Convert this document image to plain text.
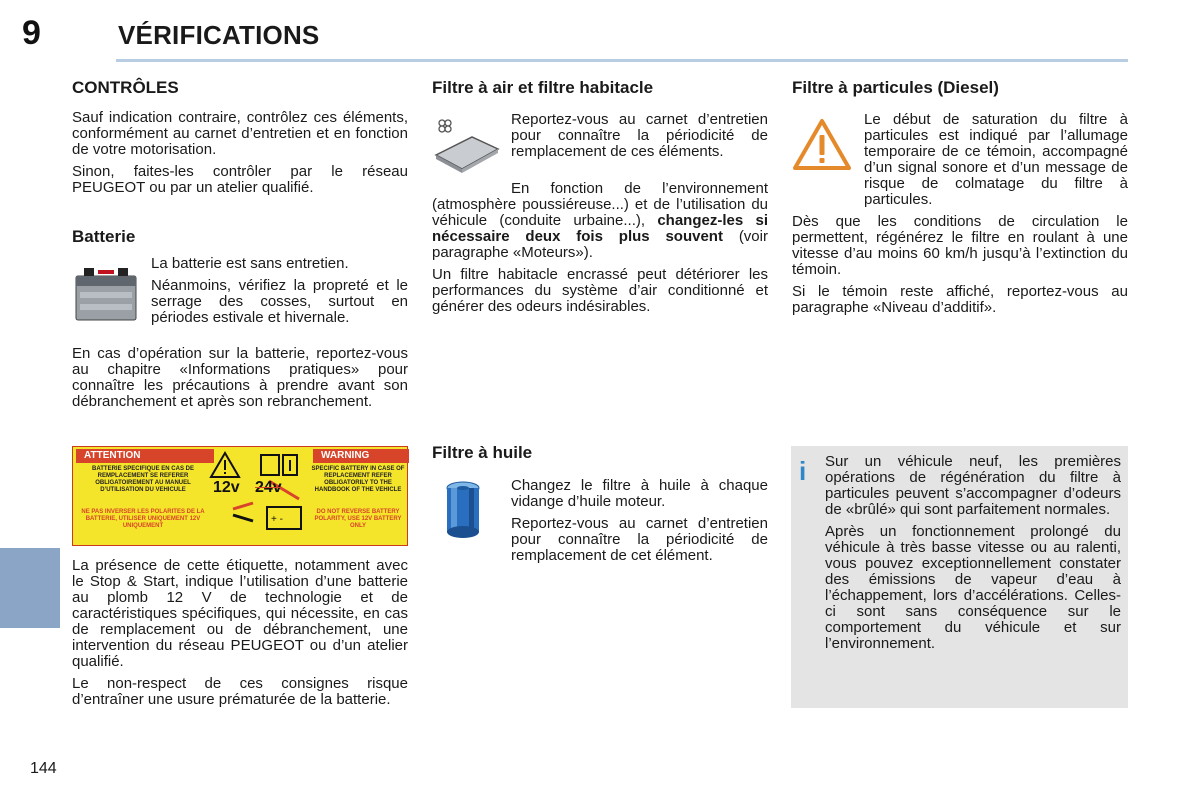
9	VÉRIFICATIONS
144
CONTRÔLES

Sauf indication contraire, contrôlez ces éléments, conformément au carnet d’entretien et en fonction de votre motorisation.

Sinon, faites-les contrôler par le réseau PEUGEOT ou par un atelier qualifié.

Batterie

La batterie est sans entretien.

Néanmoins, vérifiez la propreté et le serrage des cosses, surtout en périodes estivale et hivernale.

En cas d’opération sur la batterie, reportez-vous au chapitre «Informations pratiques» pour connaître les précautions à prendre avant son débranchement et après son rebranchement.

ATTENTION	WARNING
BATTERIE SPECIFIQUE EN CAS DE REMPLACEMENT SE REFERER OBLIGATOIREMENT AU MANUEL D’UTILISATION DU VEHICULE
NE PAS INVERSER LES POLARITES DE LA BATTERIE, UTILISER UNIQUEMENT 12V UNIQUEMENT
SPECIFIC BATTERY IN CASE OF REPLACEMENT REFER OBLIGATORILY TO THE HANDBOOK OF THE VEHICLE
DO NOT REVERSE BATTERY POLARITY, USE 12V BATTERY ONLY
+ -
12v 24v

La présence de cette étiquette, notamment avec le Stop & Start, indique l’utilisation d’une batterie au plomb 12 V de technologie et de caractéristiques spécifiques, qui nécessite, en cas de remplacement ou de débranchement, une intervention du réseau PEUGEOT ou d’un atelier qualifié.

Le non-respect de ces consignes risque d’entraîner une usure prématurée de la batterie.

Filtre à air et filtre habitacle

Reportez-vous au carnet d’entretien pour connaître la périodicité de remplacement de ces éléments.

En fonction de l’environnement (atmosphère poussiéreuse...) et de l’utilisation du véhicule (conduite urbaine...), changez-les si nécessaire deux fois plus souvent (voir paragraphe «Moteurs»).

Un filtre habitacle encrassé peut détériorer les performances du système d’air conditionné et générer des odeurs indésirables.

Filtre à huile

Changez le filtre à huile à chaque vidange d’huile moteur.

Reportez-vous au carnet d’entretien pour connaître la périodicité de remplacement de cet élément.

Filtre à particules (Diesel)

Le début de saturation du filtre à particules est indiqué par l’allumage temporaire de ce témoin, accompagné d’un signal sonore et d’un message de risque de colmatage du filtre à particules.

Dès que les conditions de circulation le permettent, régénérez le filtre en roulant à une vitesse d’au moins 60 km/h jusqu’à l’extinction du témoin.

Si le témoin reste affiché, reportez-vous au paragraphe «Niveau d’additif».

i Sur un véhicule neuf, les premières opérations de régénération du filtre à particules peuvent s’accompagner d’odeurs de «brûlé» qui sont parfaitement normales.

Après un fonctionnement prolongé du véhicule à très basse vitesse ou au ralenti, vous pouvez exceptionnellement constater des émissions de vapeur d’eau à l’échappement, lors d’accélérations. Celles-ci sont sans conséquence sur le comportement du véhicule et sur l’environnement.
